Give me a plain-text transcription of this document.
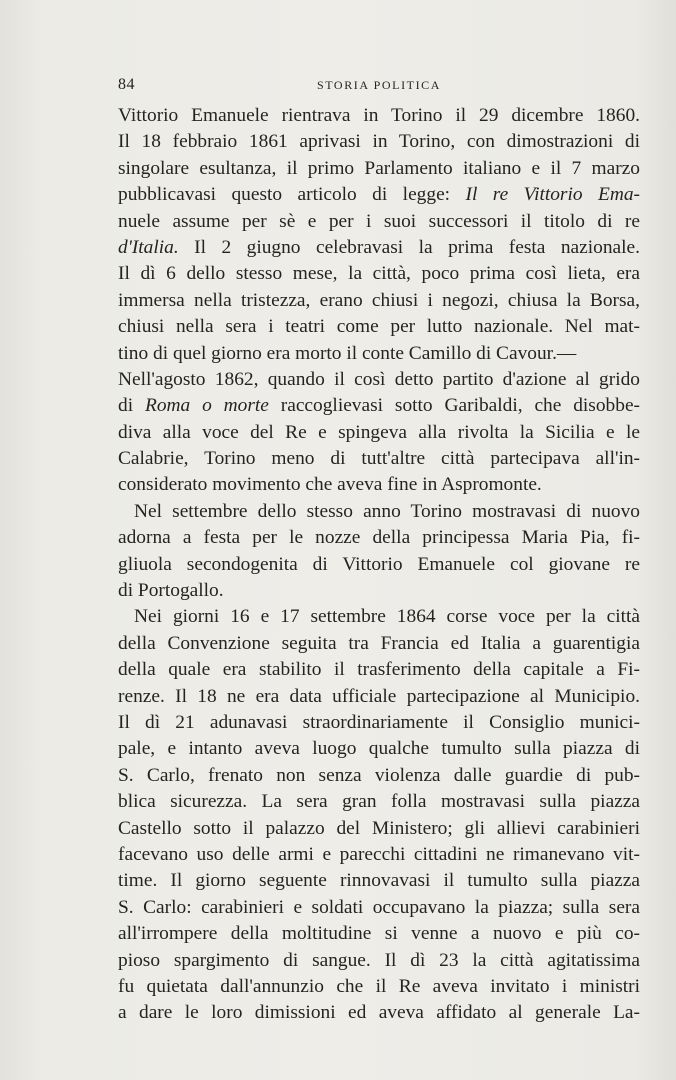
84	STORIA POLITICA
Vittorio Emanuele rientrava in Torino il 29 dicembre 1860.
Il 18 febbraio 1861 aprivasi in Torino, con dimostrazioni di
singolare esultanza, il primo Parlamento italiano e il 7 marzo
pubblicavasi questo articolo di legge: Il re Vittorio Ema-
nuele assume per sè e per i suoi successori il titolo di re
d'Italia. Il 2 giugno celebravasi la prima festa nazionale.
Il dì 6 dello stesso mese, la città, poco prima così lieta, era
immersa nella tristezza, erano chiusi i negozi, chiusa la Borsa,
chiusi nella sera i teatri come per lutto nazionale. Nel mat-
tino di quel giorno era morto il conte Camillo di Cavour.—
Nell'agosto 1862, quando il così detto partito d'azione al grido
di Roma o morte raccoglievasi sotto Garibaldi, che disobbe-
diva alla voce del Re e spingeva alla rivolta la Sicilia e le
Calabrie, Torino meno di tutt'altre città partecipava all'in-
considerato movimento che aveva fine in Aspromonte.
Nel settembre dello stesso anno Torino mostravasi di nuovo
adorna a festa per le nozze della principessa Maria Pia, fi-
gliuola secondogenita di Vittorio Emanuele col giovane re
di Portogallo.
Nei giorni 16 e 17 settembre 1864 corse voce per la città
della Convenzione seguita tra Francia ed Italia a guarentigia
della quale era stabilito il trasferimento della capitale a Fi-
renze. Il 18 ne era data ufficiale partecipazione al Municipio.
Il dì 21 adunavasi straordinariamente il Consiglio munici-
pale, e intanto aveva luogo qualche tumulto sulla piazza di
S. Carlo, frenato non senza violenza dalle guardie di pub-
blica sicurezza. La sera gran folla mostravasi sulla piazza
Castello sotto il palazzo del Ministero; gli allievi carabinieri
facevano uso delle armi e parecchi cittadini ne rimanevano vit-
time. Il giorno seguente rinnovavasi il tumulto sulla piazza
S. Carlo: carabinieri e soldati occupavano la piazza; sulla sera
all'irrompere della moltitudine si venne a nuovo e più co-
pioso spargimento di sangue. Il dì 23 la città agitatissima
fu quietata dall'annunzio che il Re aveva invitato i ministri
a dare le loro dimissioni ed aveva affidato al generale La-
